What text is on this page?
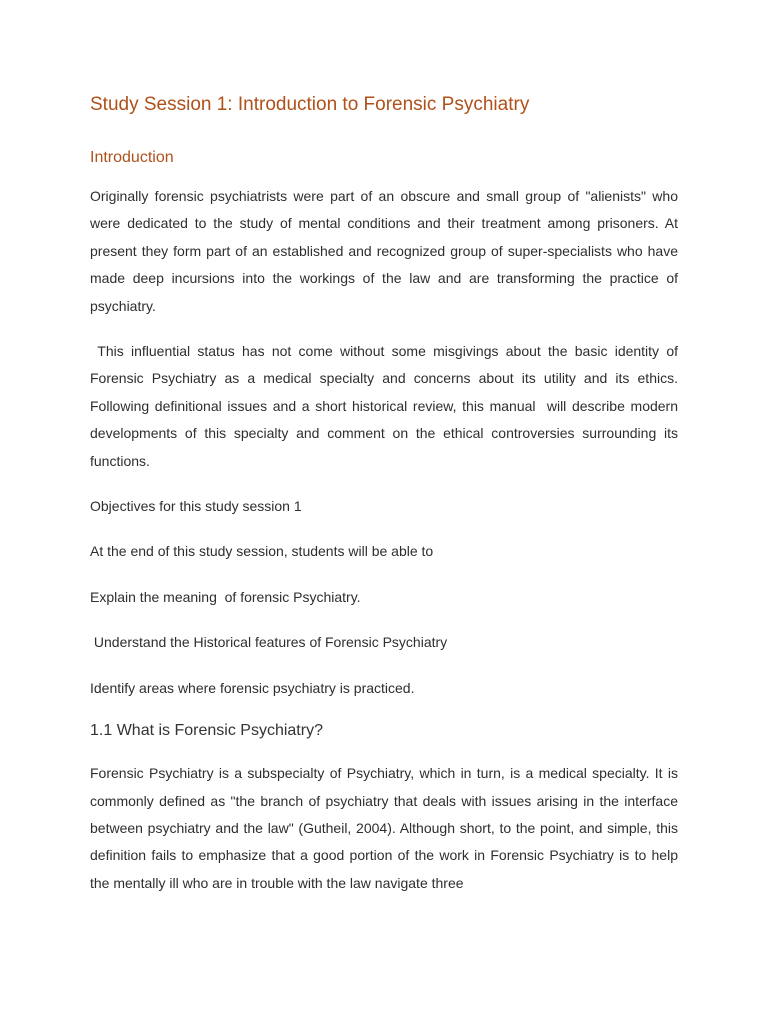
Study Session 1: Introduction to Forensic Psychiatry
Introduction

Originally forensic psychiatrists were part of an obscure and small group of "alienists" who were dedicated to the study of mental conditions and their treatment among prisoners. At present they form part of an established and recognized group of super-specialists who have made deep incursions into the workings of the law and are transforming the practice of psychiatry.

This influential status has not come without some misgivings about the basic identity of Forensic Psychiatry as a medical specialty and concerns about its utility and its ethics. Following definitional issues and a short historical review, this manual  will describe modern developments of this specialty and comment on the ethical controversies surrounding its functions.

Objectives for this study session 1

At the end of this study session, students will be able to

Explain the meaning  of forensic Psychiatry.

Understand the Historical features of Forensic Psychiatry

Identify areas where forensic psychiatry is practiced.

1.1 What is Forensic Psychiatry?

Forensic Psychiatry is a subspecialty of Psychiatry, which in turn, is a medical specialty. It is commonly defined as "the branch of psychiatry that deals with issues arising in the interface between psychiatry and the law" (Gutheil, 2004). Although short, to the point, and simple, this definition fails to emphasize that a good portion of the work in Forensic Psychiatry is to help the mentally ill who are in trouble with the law navigate three
